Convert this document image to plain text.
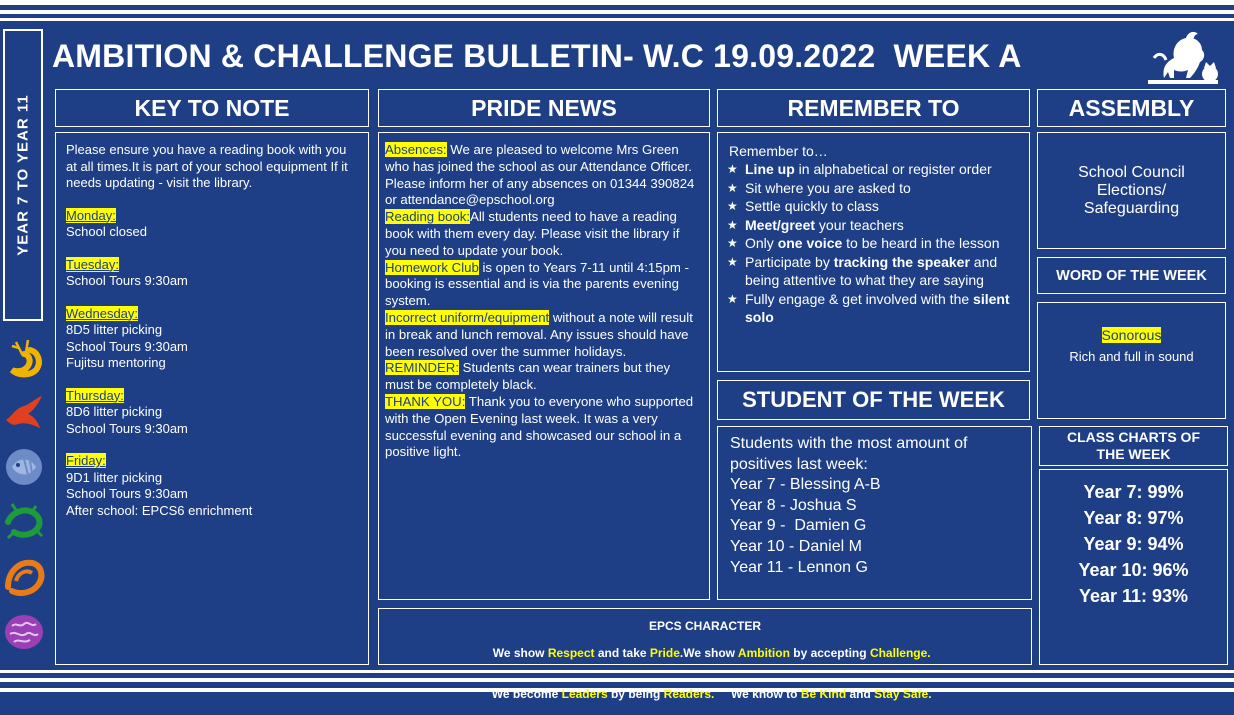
AMBITION & CHALLENGE BULLETIN- W.C 19.09.2022  WEEK A
YEAR 7 TO YEAR 11	KEY TO NOTE

Please ensure you have a reading book with you at all times.It is part of your school equipment If it needs updating - visit the library.

Monday:
School closed
Tuesday:
School Tours 9:30am
Wednesday:
8D5 litter picking
School Tours 9:30am
Fujitsu mentoring
Thursday:
8D6 litter picking
School Tours 9:30am
Friday:
9D1 litter picking
School Tours 9:30am
After school: EPCS6 enrichment
PRIDE NEWS
Absences: We are pleased to welcome Mrs Green who has joined the school as our Attendance Officer. Please inform her of any absences on 01344 390824 or attendance@epschool.org
Reading book:All students need to have a reading book with them every day. Please visit the library if you need to update your book.
Homework Club is open to Years 7-11 until 4:15pm - booking is essential and is via the parents evening system.
Incorrect uniform/equipment without a note will result in break and lunch removal. Any issues should have been resolved over the summer holidays.
REMINDER: Students can wear trainers but they must be completely black.
THANK YOU: Thank you to everyone who supported with the Open Evening last week. It was a very successful evening and showcased our school in a positive light.
REMEMBER TO
Remember to…
★ Line up in alphabetical or register order
★ Sit where you are asked to
★ Settle quickly to class
★ Meet/greet your teachers
★ Only one voice to be heard in the lesson
★ Participate by tracking the speaker and being attentive to what they are saying
★ Fully engage & get involved with the silent solo
STUDENT OF THE WEEK
Students with the most amount of positives last week:
Year 7 - Blessing A-B
Year 8 - Joshua S
Year 9 -  Damien G
Year 10 - Daniel M
Year 11 - Lennon G
ASSEMBLY
School Council Elections/ Safeguarding
WORD OF THE WEEK
Sonorous
Rich and full in sound
CLASS CHARTS OF THE WEEK
Year 7: 99%
Year 8: 97%
Year 9: 94%
Year 10: 96%
Year 11: 93%
EPCS CHARACTER

We show Respect and take Pride.We show Ambition by accepting Challenge.

We become Leaders by being Readers.     We know to Be Kind and Stay Safe.
